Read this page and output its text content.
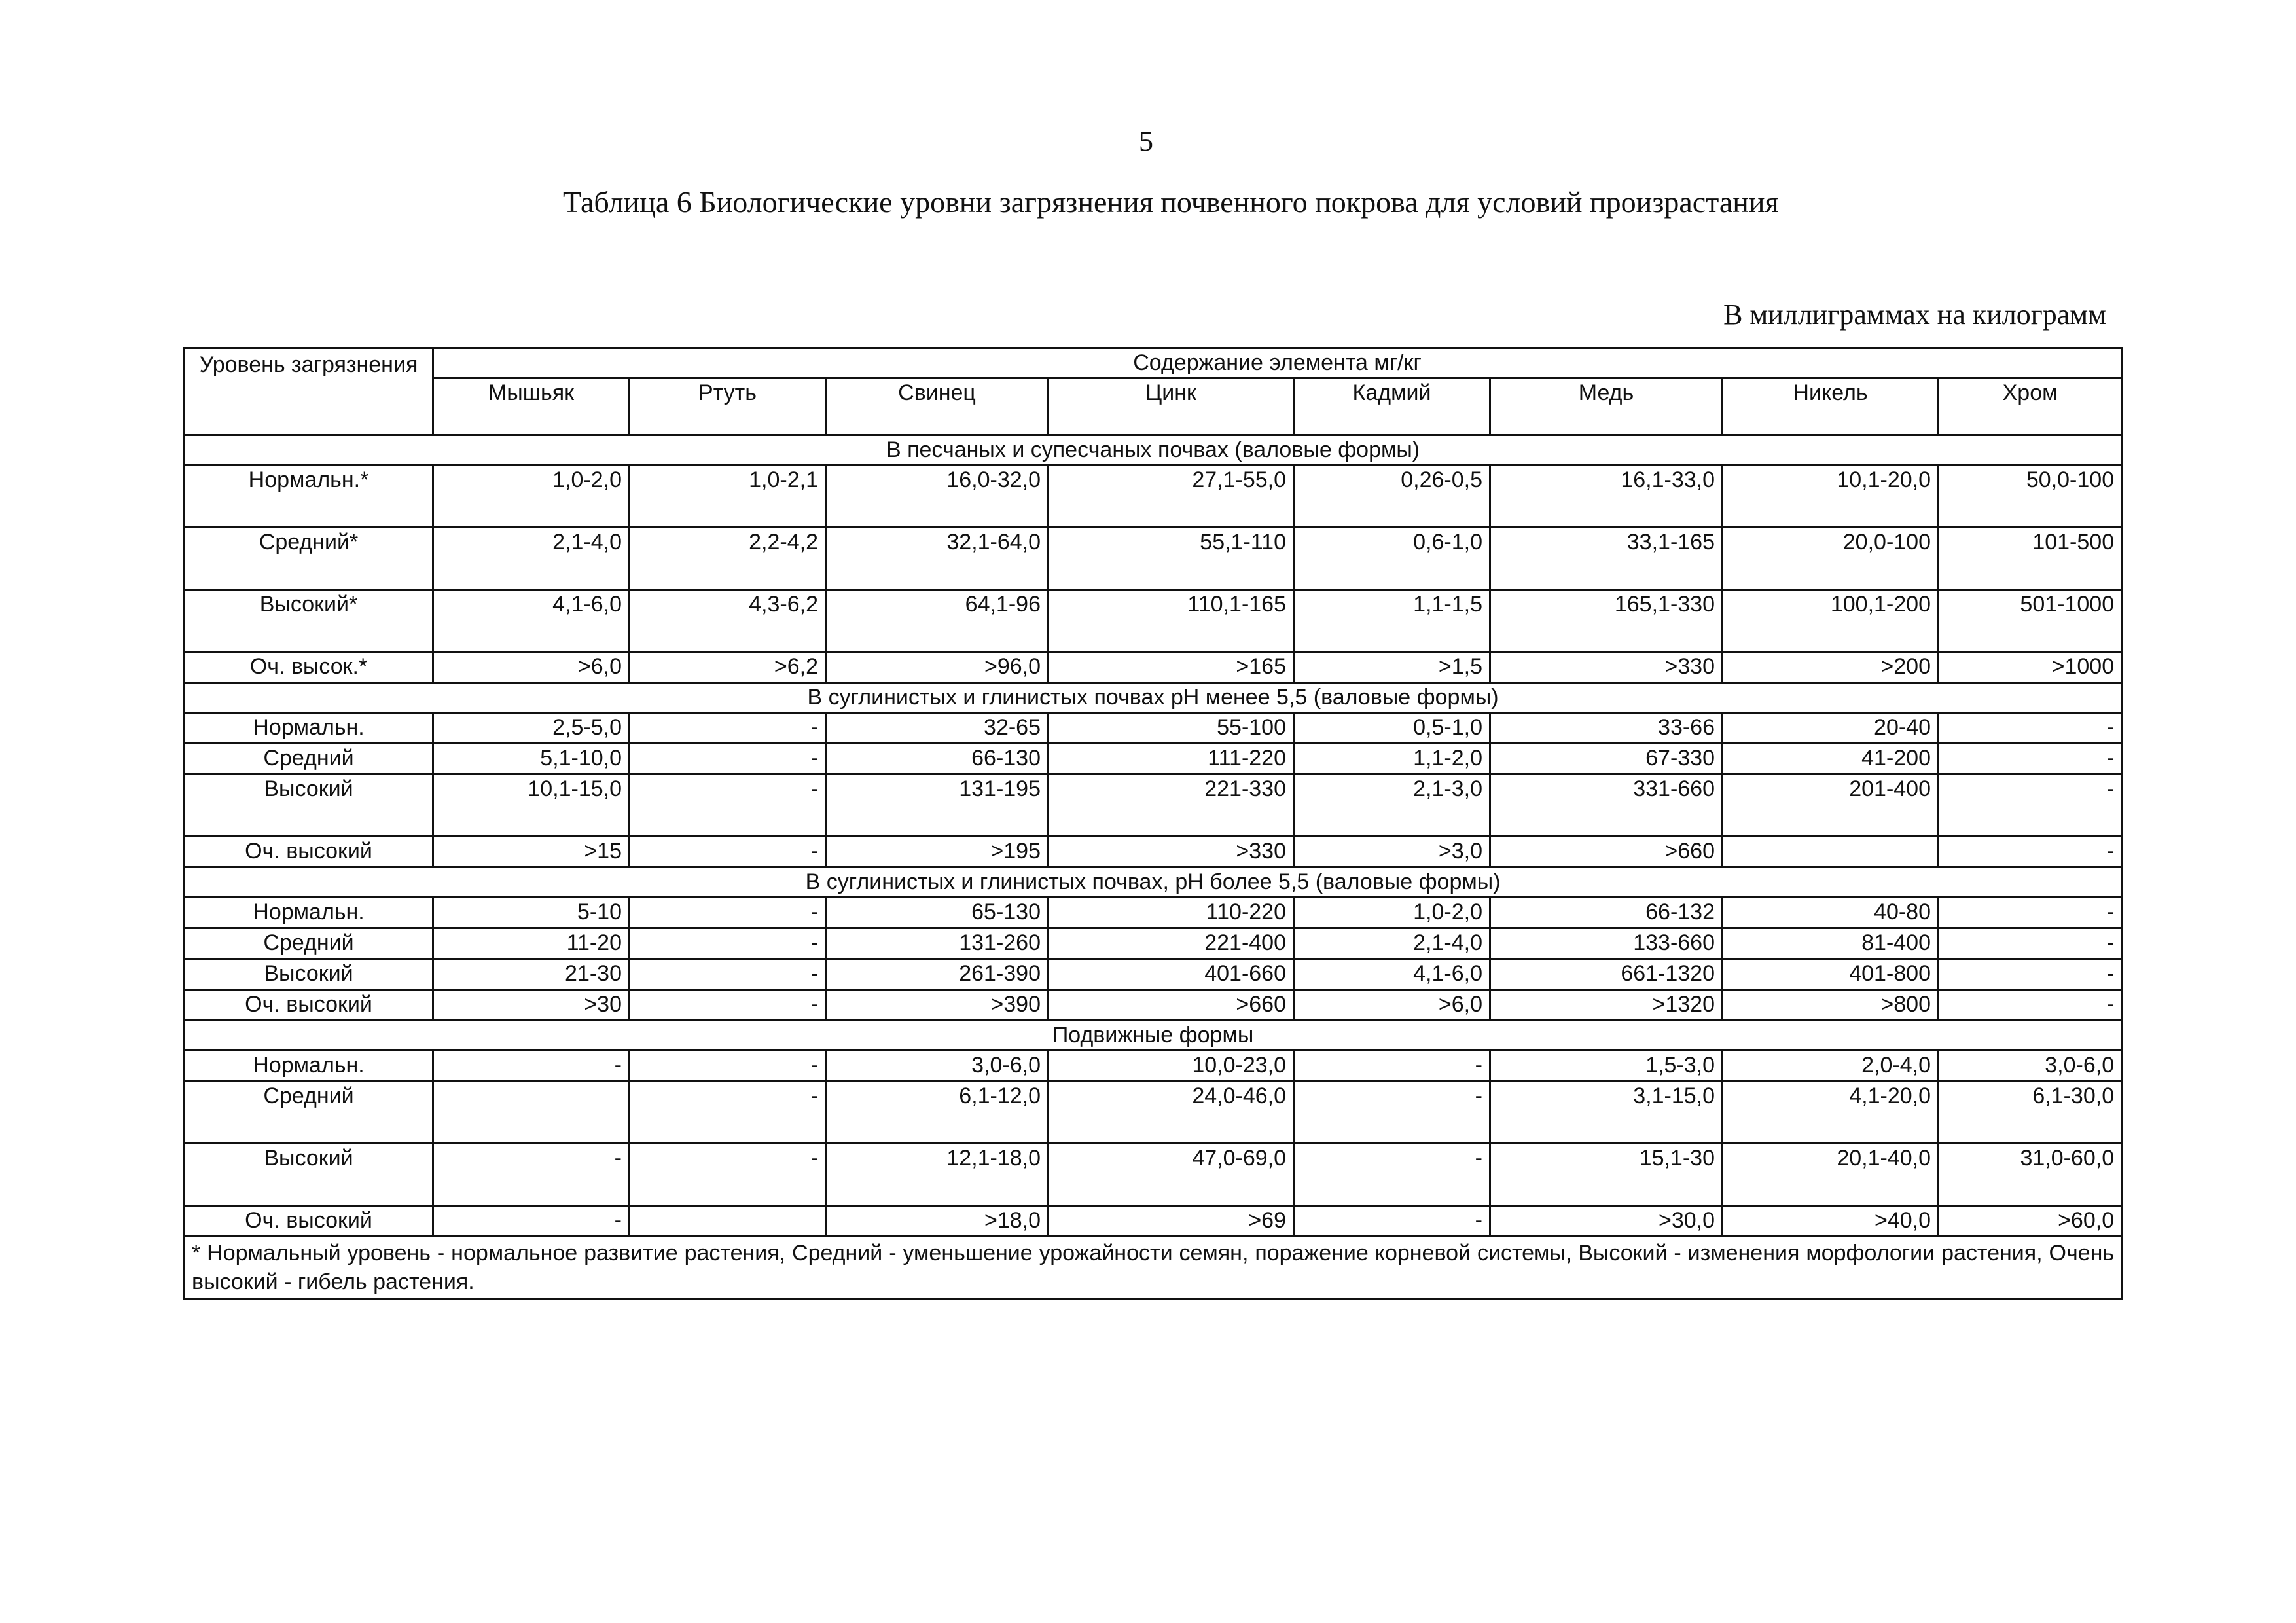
5
Таблица 6 Биологические уровни загрязнения почвенного покрова для условий произрастания
В миллиграммах на килограмм
Уровень загрязнения	Содержание элемента мг/кг							
	Мышьяк	Ртуть	Свинец	Цинк	Кадмий	Медь	Никель	Хром
В песчаных и супесчаных почвах (валовые формы)								
Нормальн.*	1,0-2,0	1,0-2,1	16,0-32,0	27,1-55,0	0,26-0,5	16,1-33,0	10,1-20,0	50,0-100
Средний*	2,1-4,0	2,2-4,2	32,1-64,0	55,1-110	0,6-1,0	33,1-165	20,0-100	101-500
Высокий*	4,1-6,0	4,3-6,2	64,1-96	110,1-165	1,1-1,5	165,1-330	100,1-200	501-1000
Оч. высок.*	>6,0	>6,2	>96,0	>165	>1,5	>330	>200	>1000
В суглинистых и глинистых почвах pH менее 5,5 (валовые формы)								
Нормальн.	2,5-5,0	-	32-65	55-100	0,5-1,0	33-66	20-40	-
Средний	5,1-10,0	-	66-130	111-220	1,1-2,0	67-330	41-200	-
Высокий	10,1-15,0	-	131-195	221-330	2,1-3,0	331-660	201-400	-
Оч. высокий	>15	-	>195	>330	>3,0	>660		-
В суглинистых и глинистых почвах, pH более 5,5 (валовые формы)								
Нормальн.	5-10	-	65-130	110-220	1,0-2,0	66-132	40-80	-
Средний	11-20	-	131-260	221-400	2,1-4,0	133-660	81-400	-
Высокий	21-30	-	261-390	401-660	4,1-6,0	661-1320	401-800	-
Оч. высокий	>30	-	>390	>660	>6,0	>1320	>800	-
Подвижные формы								
Нормальн.	-	-	3,0-6,0	10,0-23,0	-	1,5-3,0	2,0-4,0	3,0-6,0
Средний		-	6,1-12,0	24,0-46,0	-	3,1-15,0	4,1-20,0	6,1-30,0
Высокий	-	-	12,1-18,0	47,0-69,0	-	15,1-30	20,1-40,0	31,0-60,0
Оч. высокий	-		>18,0	>69	-	>30,0	>40,0	>60,0
* Нормальный уровень - нормальное развитие растения, Средний - уменьшение урожайности семян, поражение корневой системы, Высокий - изменения морфологии растения, Очень высокий - гибель растения.								
